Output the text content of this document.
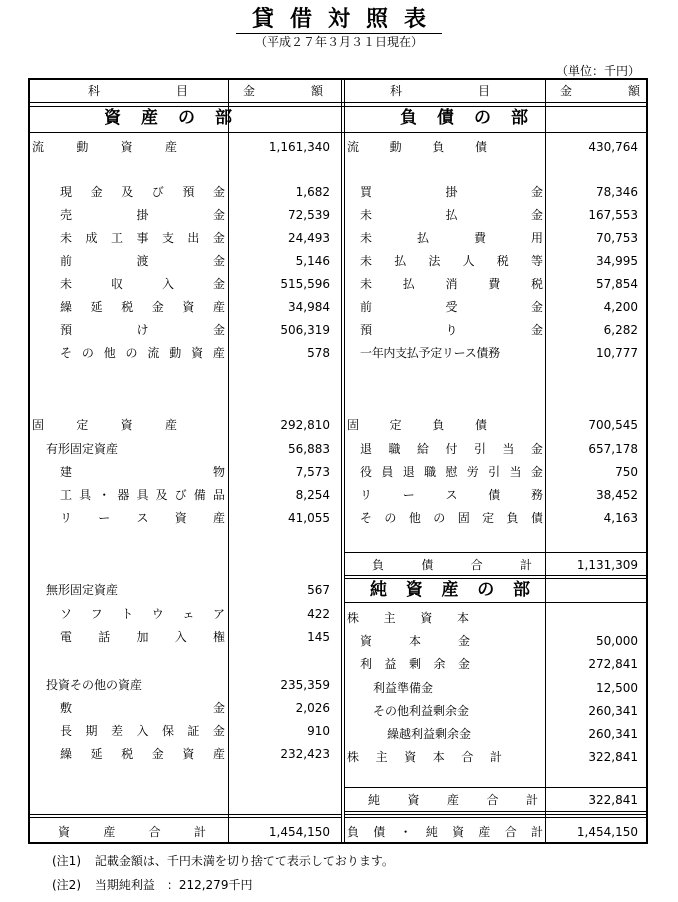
貸借対照表
（平成２７年３月３１日現在）
（単位：千円）
科	目	金	額	科	目	金	額
資 産 の 部	負 債 の 部
流	動	資	産	1,161,340
現 金 及 び 預 金	1,682
売	掛	金	72,539
未 成 工 事 支 出 金	24,493
前	渡	金	5,146
未	収	入	金	515,596
繰 延 税 金 資 産	34,984
預	け	金	506,319
そ の 他 の 流 動 資 産	578
固	定	資	産	292,810
有形固定資産	56,883
建	物	7,573
工 具 ・ 器 具 及 び 備 品	8,254
リ ー ス 資 産	41,055
無形固定資産	567
ソ フ ト ウ ェ ア	422
電 話 加 入 権	145
投資その他の資産	235,359
敷	金	2,026
長 期 差 入 保 証 金	910
繰 延 税 金 資 産	232,423
資	産	合	計	1,454,150
流	動	負	債	430,764
買	掛	金	78,346
未	払	金	167,553
未	払	費	用	70,753
未 払 法 人 税 等	34,995
未	払	消	費	税	57,854
前	受	金	4,200
預	り	金	6,282
一年内支払予定リース債務	10,777
固	定	負	債	700,545
退 職 給 付 引 当 金	657,178
役 員 退 職 慰 労 引 当 金	750
リ	ー	ス	債	務	38,452
そ の 他 の 固 定 負 債	4,163
負	債	合	計	1,131,309
純 資 産 の 部
株 主 資 本
資	本	金	50,000
利 益 剰 余 金	272,841
利益準備金	12,500
その他利益剰余金	260,341
繰越利益剰余金	260,341
株 主 資 本 合 計	322,841
純 資 産 合 計	322,841
負 債 ・ 純 資 産 合 計	1,454,150
(注1) 記載金額は、千円未満を切り捨てて表示しております。
(注2) 当期純利益　：212,279千円
